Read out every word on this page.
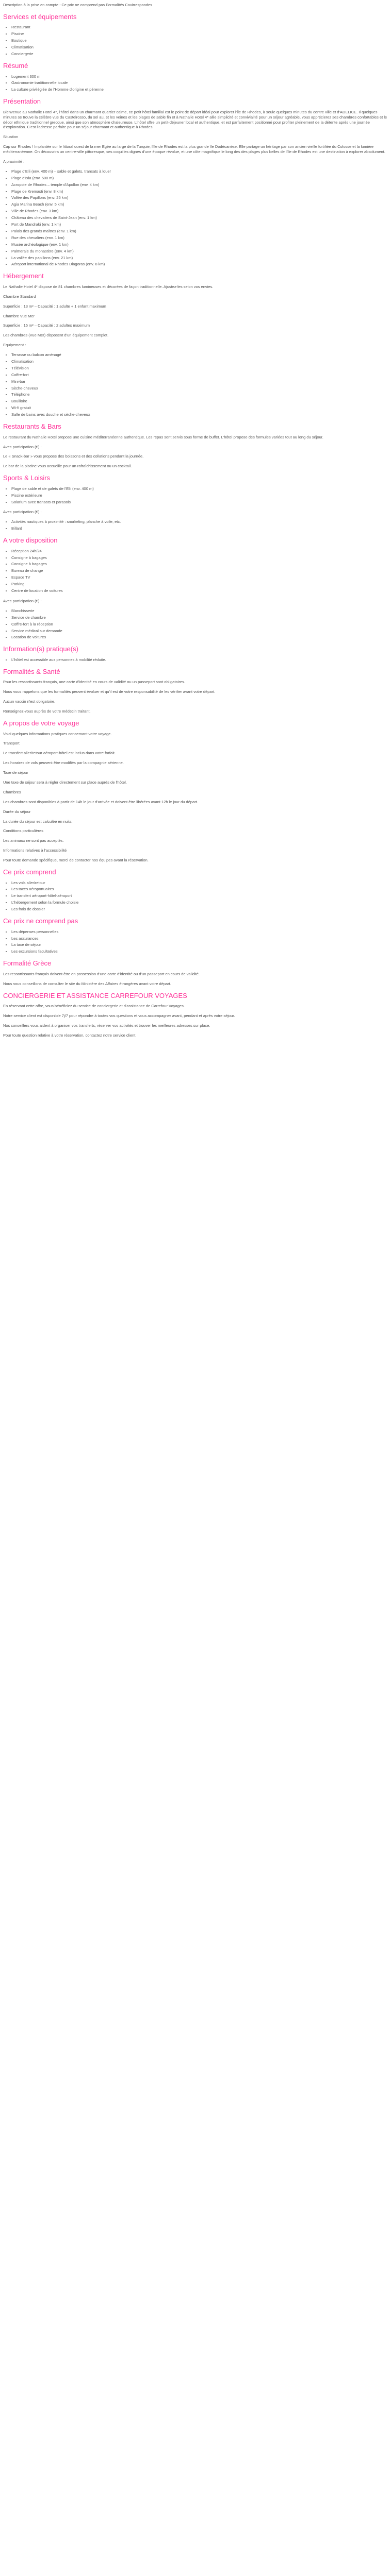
Description à la prise en compte : Ce prix ne comprend pas Formalités Covirrespondes

Services et équipements
• Restaurant
• Piscine
• Boutique
• Climatisation
• Conciergerie
Résumé
• Logement 300 m
• Gastronomie traditionnelle locale
• La culture privilégiée de l'Homme d'origine et pérenne
Présentation

Bienvenue au Nathalie Hotel 4*, l'hôtel dans un charmant quartier calme, ce petit hôtel familial est le point de départ idéal pour explorer l'île de Rhodes, à seule quelques minutes du centre ville et d'ADELICE. Il quelques minutes se trouve la célèbre vue du Castelrosso, du sel au, et les veines et les plages de sable fin et à Nathalie Hotel 4* allie simplicité et convivialité pour un séjour agréable, vous apprécierez ses chambres confortables et le décor ethnique traditionnel grecque, ainsi que son atmosphère chaleureuse. L'hôtel offre un petit-déjeuner local et authentique, et est parfaitement positionné pour profiter pleinement de la détente après une journée d'exploration. C'est l'adresse parfaite pour un séjour charmant et authentique à Rhodes.

Situation

Cap sur Rhodes ! Implantée sur le littoral ouest de la mer Egée au large de la Turquie, l'île de Rhodes est la plus grande île Dodécanèse. Elle partage un héritage par son ancien vieille fortifiée du Colosse et la lumière méditerranéenne. On découvrira un centre-ville pittoresque, ses coquilles dignes d'une époque révolue, et une côte magnifique le long des des plages plus belles de l'île de Rhodes est une destination à explorer absolument.

A proximité :

• Plage d'Elli (env. 400 m) – sable et galets, transats à louer
• Plage d'Ixia (env. 500 m)
• Acropole de Rhodes – temple d'Apollon (env. 4 km)
• Plage de Kremasti (env. 8 km)
• Vallée des Papillons (env. 25 km)
• Agia Marina Beach (env. 5 km)
• Ville de Rhodes (env. 3 km)
• Château des chevaliers de Saint-Jean (env. 1 km)
• Port de Mandraki (env. 1 km)
• Palais des grands maîtres (env. 1 km)
• Rue des chevaliers (env. 1 km)
• Musée archéologique (env. 1 km)
• Palmeraie du monastère (env. 4 km)
• La vallée des papillons (env. 21 km)
• Aéroport international de Rhodes Diagoras (env. 8 km)
Hébergement

Le Nathalie Hotel 4* dispose de 81 chambres lumineuses et décorées de façon traditionnelle. Ajustez-les selon vos envies.

Chambre Standard

Superficie : 13 m² – Capacité : 1 adulte + 1 enfant maximum

Chambre Vue Mer

Superficie : 15 m² – Capacité : 2 adultes maximum

Les chambres (Vue Mer) disposent d'un équipement complet.

Equipement :

• Terrasse ou balcon aménagé
• Climatisation
• Télévision
• Coffre-fort
• Mini-bar
• Sèche-cheveux
• Téléphone
• Bouilloire
• Wi-fi gratuit
• Salle de bains avec douche et sèche-cheveux
Restaurants & Bars

Le restaurant du Nathalie Hotel propose une cuisine méditerranéenne authentique. Les repas sont servis sous forme de buffet. L'hôtel propose des formules variées tout au long du séjour.

Avec participation (€) :

Le « Snack-bar » vous propose des boissons et des collations pendant la journée.

Le bar de la piscine vous accueille pour un rafraîchissement ou un cocktail.

Sports & Loisirs
• Plage de sable et de galets de l'Elli (env. 400 m)
• Piscine extérieure
• Solarium avec transats et parasols

Avec participation (€) :

• Activités nautiques à proximité : snorkeling, planche à voile, etc.
• Billard
A votre disposition
• Réception 24h/24
• Consigne à bagages
• Consigne à bagages
• Bureau de change
• Espace TV
• Parking
• Centre de location de voitures

Avec participation (€) :

• Blanchisserie
• Service de chambre
• Coffre-fort à la réception
• Service médical sur demande
• Location de voitures
Information(s) pratique(s)
• L'hôtel est accessible aux personnes à mobilité réduite.
Formalités & Santé

Pour les ressortissants français, une carte d'identité en cours de validité ou un passeport sont obligatoires.

Nous vous rappelons que les formalités peuvent évoluer et qu'il est de votre responsabilité de les vérifier avant votre départ.

Aucun vaccin n'est obligatoire.

Renseignez-vous auprès de votre médecin traitant.

A propos de votre voyage

Voici quelques informations pratiques concernant votre voyage.

Transport

Le transfert aller/retour aéroport-hôtel est inclus dans votre forfait.

Les horaires de vols peuvent être modifiés par la compagnie aérienne.

Taxe de séjour

Une taxe de séjour sera à régler directement sur place auprès de l'hôtel.

Chambres

Les chambres sont disponibles à partir de 14h le jour d'arrivée et doivent être libérées avant 12h le jour du départ.

Durée du séjour

La durée du séjour est calculée en nuits.

Conditions particulières

Les animaux ne sont pas acceptés.

Informations relatives à l'accessibilité

Pour toute demande spécifique, merci de contacter nos équipes avant la réservation.

Ce prix comprend
• Les vols aller/retour
• Les taxes aéroportuaires
• Le transfert aéroport-hôtel-aéroport
• L'hébergement selon la formule choisie
• Les frais de dossier
Ce prix ne comprend pas
• Les dépenses personnelles
• Les assurances
• La taxe de séjour
• Les excursions facultatives
Formalité Grèce

Les ressortissants français doivent être en possession d'une carte d'identité ou d'un passeport en cours de validité.

Nous vous conseillons de consulter le site du Ministère des Affaires étrangères avant votre départ.

CONCIERGERIE ET ASSISTANCE CARREFOUR VOYAGES

En réservant cette offre, vous bénéficiez du service de conciergerie et d'assistance de Carrefour Voyages.

Notre service client est disponible 7j/7 pour répondre à toutes vos questions et vous accompagner avant, pendant et après votre séjour.

Nos conseillers vous aident à organiser vos transferts, réserver vos activités et trouver les meilleures adresses sur place.

Pour toute question relative à votre réservation, contactez notre service client.
